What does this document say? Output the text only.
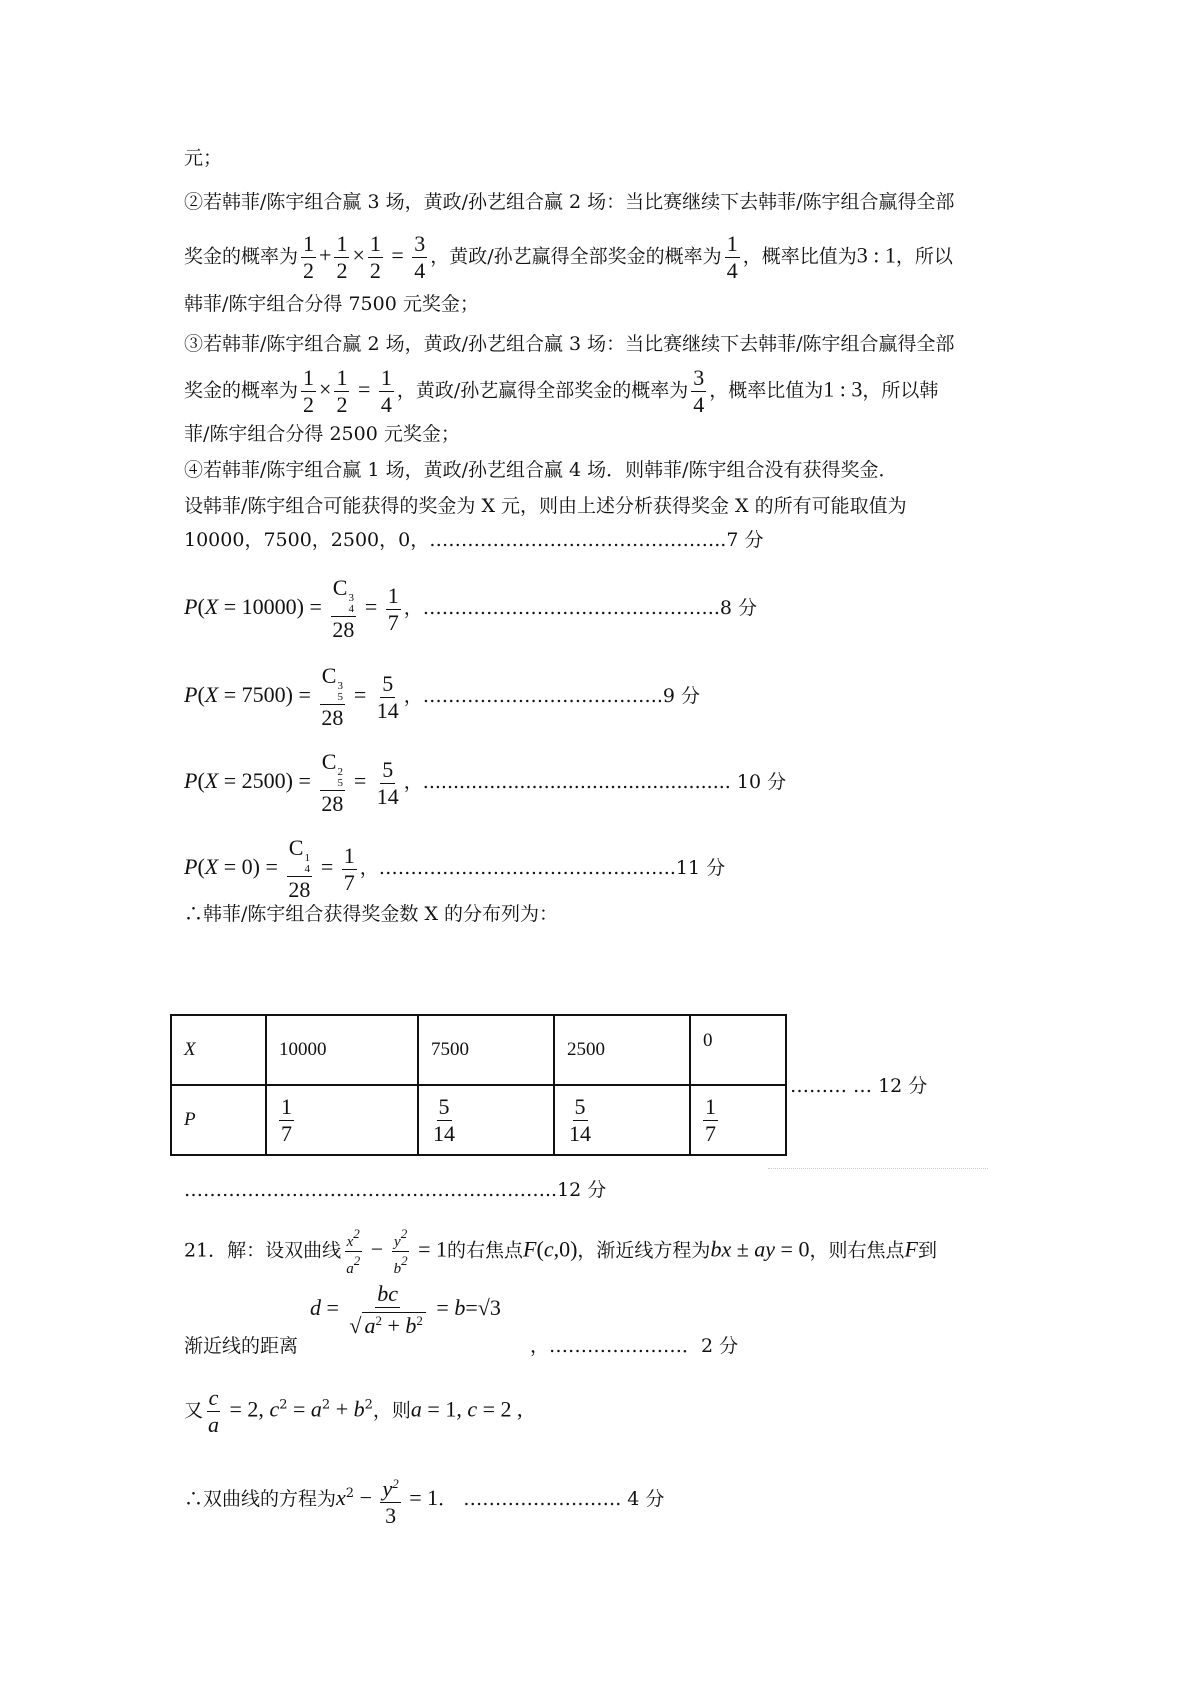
元；
②若韩菲/陈宇组合赢 3 场，黄政/孙艺组合赢 2 场：当比赛继续下去韩菲/陈宇组合赢得全部
奖金的概率为 $\frac{1}{2} + \frac{1}{2} \times \frac{1}{2} = \frac{3}{4}$ ，黄政/孙艺赢得全部奖金的概率为 $\frac{1}{4}$ ，概率比值为3 : 1，所以
韩菲/陈宇组合分得 7500 元奖金；
③若韩菲/陈宇组合赢 2 场，黄政/孙艺组合赢 3 场：当比赛继续下去韩菲/陈宇组合赢得全部
奖金的概率为 $\frac{1}{2} \times \frac{1}{2} = \frac{1}{4}$ ，黄政/孙艺赢得全部奖金的概率为 $\frac{3}{4}$ ，概率比值为1 : 3，所以韩
菲/陈宇组合分得 2500 元奖金；
④若韩菲/陈宇组合赢 1 场，黄政/孙艺组合赢 4 场．则韩菲/陈宇组合没有获得奖金．
设韩菲/陈宇组合可能获得的奖金为 X 元，则由上述分析获得奖金 X 的所有可能取值为
10000，7500，2500，0，………………………………………..7 分
P(X = 10000) = C 3
4
$28 = \frac{1}{7}$ ，………………………………………..8 分
P(X = 7500) = C 3
5
$28 = \frac{5}{14}$ ，………………………………..9 分
P(X = 2500) = C 2
5
$28 = \frac{5}{14}$ ，................................................... 10 分
P(X = 0) = C 1
4
$28 = \frac{1}{7}$ ，………………………………………..11 分
∴韩菲/陈宇组合获得奖金数 X 的分布列为：
X	10000	7500	2500	0
P	$\frac{1}{7}$	$\frac{5}{14}$	$\frac{5}{14}$	$\frac{1}{7}$
……… … 12 分
…………………………………………………..12 分
21．解：设双曲线 $\frac{x2}{a2} - \frac{y2}{b2} = 1$的右焦点F(c,0)，渐近线方程为bx ± ay = 0，则右焦点F到
$d = \frac{bc}{√ a^2 + b^2} = b=√3$
渐近线的距离	，…………………．2 分
又 $\frac{c}{a} = 2$, $c^2 = a^2 + b^2$，则a = 1, c = 2 ,
∴双曲线的方程为$x^2 - \frac{y^2}{3} = 1$． ……………………. 4 分
